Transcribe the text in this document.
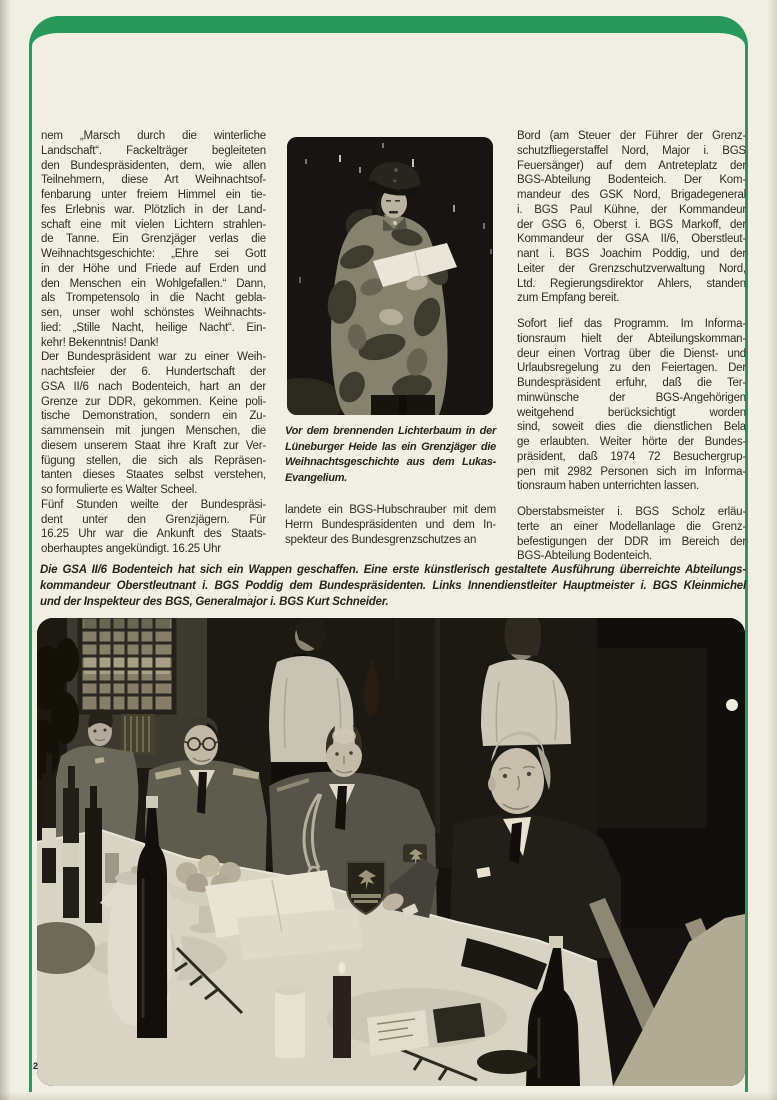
nem „Marsch durch die winterliche
Landschaft“. Fackelträger begleiteten
den Bundespräsidenten, dem, wie allen
Teilnehmern, diese Art Weihnachtsof-
fenbarung unter freiem Himmel ein tie-
fes Erlebnis war. Plötzlich in der Land-
schaft eine mit vielen Lichtern strahlen-
de Tanne. Ein Grenzjäger verlas die
Weihnachtsgeschichte: „Ehre sei Gott
in der Höhe und Friede auf Erden und
den Menschen ein Wohlgefallen.“ Dann,
als Trompetensolo in die Nacht gebla-
sen, unser wohl schönstes Weihnachts-
lied: „Stille Nacht, heilige Nacht“. Ein-
kehr! Bekenntnis! Dank!
Der Bundespräsident war zu einer Weih-
nachtsfeier der 6. Hundertschaft der
GSA II/6 nach Bodenteich, hart an der
Grenze zur DDR, gekommen. Keine poli-
tische Demonstration, sondern ein Zu-
sammensein mit jungen Menschen, die
diesem unserem Staat ihre Kraft zur Ver-
fügung stellen, die sich als Repräsen-
tanten dieses Staates selbst verstehen,
so formulierte es Walter Scheel.
Fünf Stunden weilte der Bundespräsi-
dent unter den Grenzjägern. Für
16.25 Uhr war die Ankunft des Staats-
oberhauptes angekündigt. 16.25 Uhr
Vor dem brennenden Lichterbaum in der
Lüneburger Heide las ein Grenzjäger die
Weihnachtsgeschichte aus dem Lukas-
Evangelium.
landete ein BGS-Hubschrauber mit dem
Herrn Bundespräsidenten und dem In-
spekteur des Bundesgrenzschutzes an
Bord (am Steuer der Führer der Grenz-
schutzfliegerstaffel Nord, Major i. BGS
Feuersänger) auf dem Antreteplatz der
BGS-Abteilung Bodenteich. Der Kom-
mandeur des GSK Nord, Brigadegeneral
i. BGS Paul Kühne, der Kommandeur
der GSG 6, Oberst i. BGS Markoff, der
Kommandeur der GSA II/6, Oberstleut-
nant i. BGS Joachim Poddig, und der
Leiter der Grenzschutzverwaltung Nord,
Ltd. Regierungsdirektor Ahlers, standen
zum Empfang bereit.
Sofort lief das Programm. Im Informa-
tionsraum hielt der Abteilungskomman-
deur einen Vortrag über die Dienst- und
Urlaubsregelung zu den Feiertagen. Der
Bundespräsident erfuhr, daß die Ter-
minwünsche der BGS-Angehörigen
weitgehend berücksichtigt worden
sind, soweit dies die dienstlichen Bela
ge erlaubten. Weiter hörte der Bundes-
präsident, daß 1974 72 Besuchergrup-
pen mit 2982 Personen sich im Informa-
tionsraum haben unterrichten lassen.
Oberstabsmeister i. BGS Scholz erläu-
terte an einer Modellanlage die Grenz-
befestigungen der DDR im Bereich der
BGS-Abteilung Bodenteich.
Die GSA II/6 Bodenteich hat sich ein Wappen geschaffen. Eine erste künstlerisch gestaltete Ausführung überreichte Abteilungs-
kommandeur Oberstleutnant i. BGS Poddig dem Bundespräsidenten. Links Innendienstleiter Hauptmeister i. BGS Kleinmichel
und der Inspekteur des BGS, Generalmajor i. BGS Kurt Schneider.
2
